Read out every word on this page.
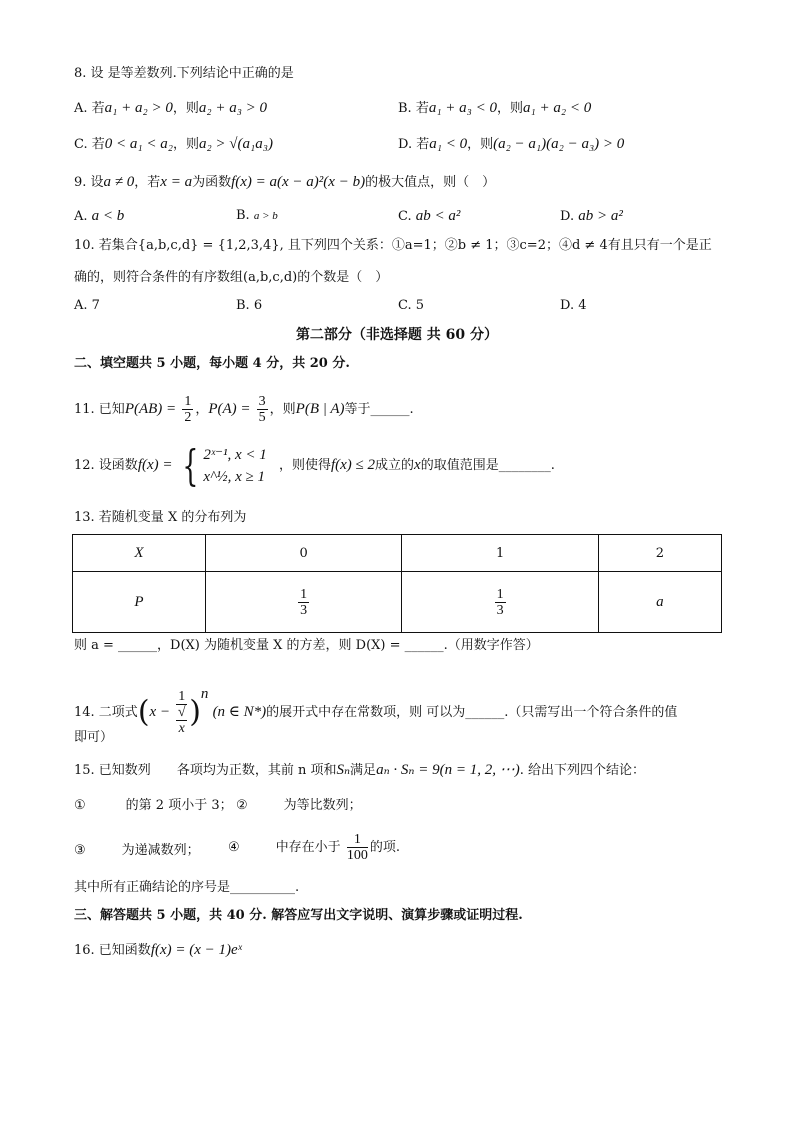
8. 设 是等差数列.下列结论中正确的是
A. 若a₁ + a₂ > 0，则a₂ + a₃ > 0	B. 若a₁ + a₃ < 0，则a₁ + a₂ < 0
C. 若0 < a₁ < a₂，则a₂ > √(a₁a₃)	D. 若a₁ < 0，则(a₂ − a₁)(a₂ − a₃) > 0
9. 设a ≠ 0，若x = a为函数f(x) = a(x − a)²(x − b)的极大值点，则（　）
A. a < b	B. a > b	C. ab < a²	D. ab > a²
10. 若集合{a,b,c,d} = {1,2,3,4}, 且下列四个关系：①a=1；②b ≠ 1；③c=2；④d ≠ 4有且只有一个是正
确的，则符合条件的有序数组(a,b,c,d)的个数是（　）
A. 7	B. 6	C. 5	D. 4
第二部分（非选择题 共 60 分）
二、填空题共 5 小题，每小题 4 分，共 20 分.
11. 已知$P(AB) = \frac{1}{2}$ ，$P(A) = \frac{3}{5}$ ，则P(B | A)等于______.
12. 设函数f(x) = { 2ˣ⁻¹, x < 1
x^½, x ≥ 1
，则使得f(x) ≤ 2成立的x的取值范围是________.
13. 若随机变量 X 的分布列为
X	0	1	2
P	$\frac{1}{3}$	$\frac{1}{3}$	a
则 a = ______，D(X) 为随机变量 X 的方差，则 D(X) = ______.（用数字作答）
14. 二项式(x − 1
√
x )$^n$ (n ∈ N*)的展开式中存在常数项，则 可以为______.（只需写出一个符合条件的值
即可）
15. 已知数列 各项均为正数，其前 n 项和Sₙ满足aₙ · Sₙ = 9(n = 1, 2, ⋯). 给出下列四个结论：
①	的第 2 项小于 3； ②	为等比数列；
③	为递减数列； ④	中存在小于 $\frac{1}{100}$ 的项.
其中所有正确结论的序号是__________.
三、解答题共 5 小题，共 40 分. 解答应写出文字说明、演算步骤或证明过程.
16. 已知函数f(x) = (x − 1)eˣ
